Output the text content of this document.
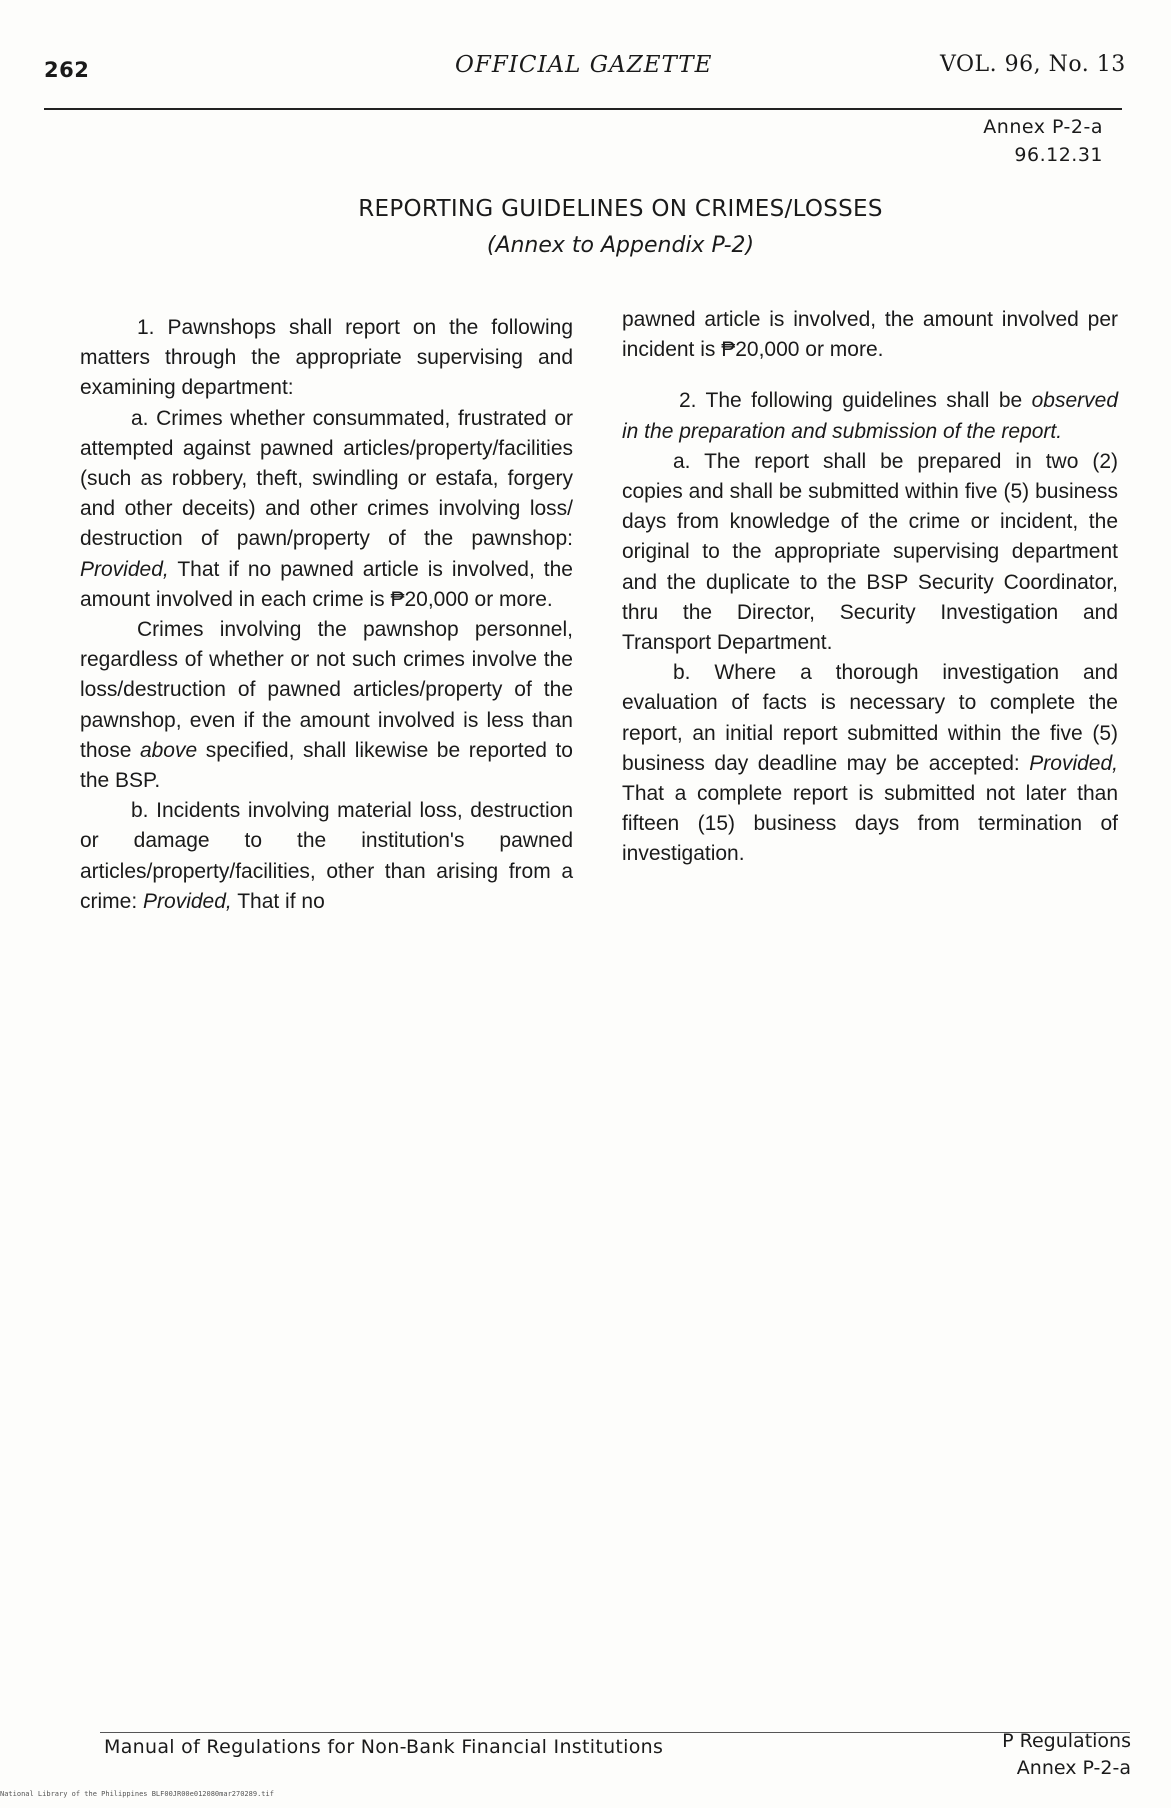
262	OFFICIAL GAZETTE	VOL. 96, No. 13
Annex P-2-a
96.12.31
REPORTING GUIDELINES ON CRIMES/LOSSES
(Annex to Appendix P-2)

1. Pawnshops shall report on the following matters through the appropriate supervising and examining department:

a. Crimes whether consummated, frustrated or attempted against pawned articles/property/facilities (such as robbery, theft, swindling or estafa, forgery and other deceits) and other crimes involving loss/ destruction of pawn/property of the pawnshop: Provided, That if no pawned article is involved, the amount involved in each crime is ₱20,000 or more.

Crimes involving the pawnshop personnel, regardless of whether or not such crimes involve the loss/destruction of pawned articles/property of the pawnshop, even if the amount involved is less than those above specified, shall likewise be reported to the BSP.

b. Incidents involving material loss, destruction or damage to the institution's pawned articles/property/facilities, other than arising from a crime: Provided, That if no

pawned article is involved, the amount involved per incident is ₱20,000 or more.

2. The following guidelines shall be observed in the preparation and submission of the report.

a. The report shall be prepared in two (2) copies and shall be submitted within five (5) business days from knowledge of the crime or incident, the original to the appropriate supervising department and the duplicate to the BSP Security Coordinator, thru the Director, Security Investigation and Transport Department.

b. Where a thorough investigation and evaluation of facts is necessary to complete the report, an initial report submitted within the five (5) business day deadline may be accepted: Provided, That a complete report is submitted not later than fifteen (15) business days from termination of investigation.

Manual of Regulations for Non-Bank Financial Institutions	P Regulations
Annex P-2-a
National Library of the Philippines BLF00JR00e012080mar270289.tif
